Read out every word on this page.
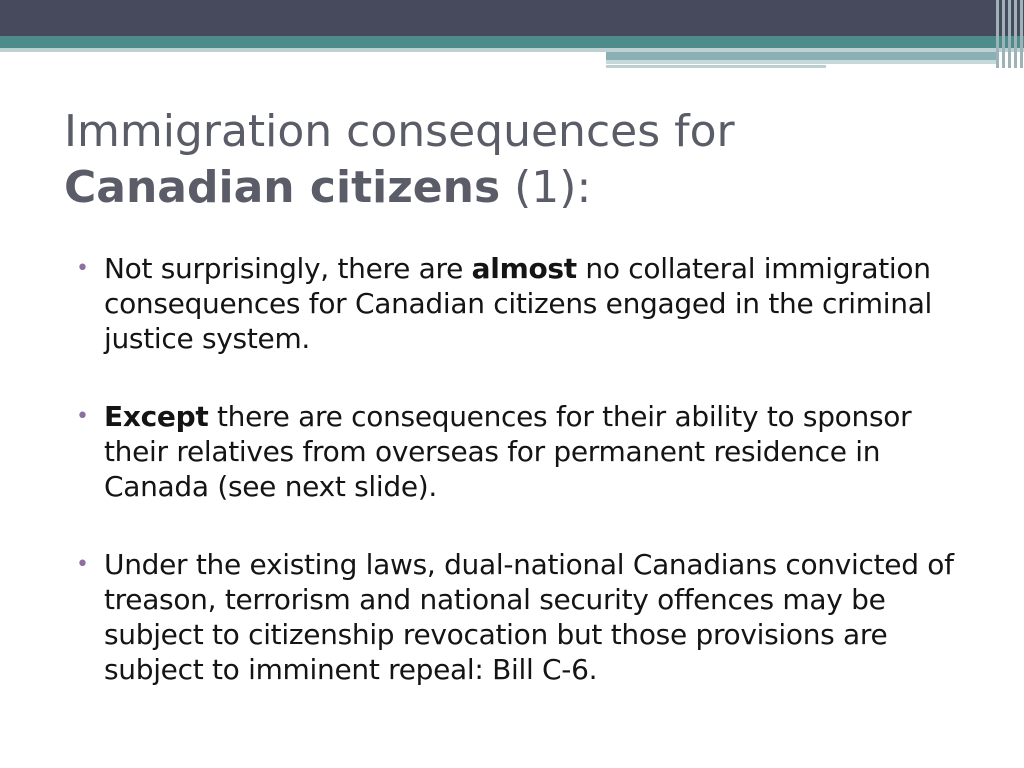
Immigration consequences for
Canadian citizens (1):
• Not surprisingly, there are almost no collateral immigration consequences for Canadian citizens engaged in the criminal justice system.
• Except there are consequences for their ability to sponsor their relatives from overseas for permanent residence in Canada (see next slide).
• Under the existing laws, dual-national Canadians convicted of treason, terrorism and national security offences may be subject to citizenship revocation but those provisions are subject to imminent repeal: Bill C-6.
